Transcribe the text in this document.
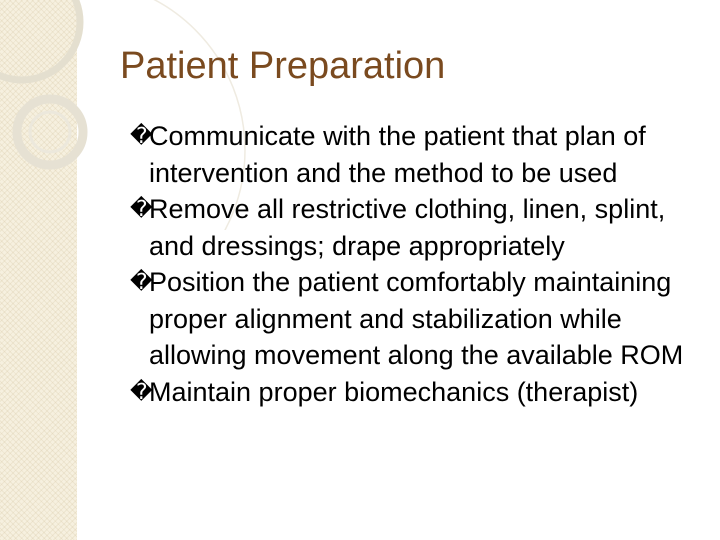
Patient Preparation
�
Communicate with the patient that plan of intervention and the method to be used
�
Remove all restrictive clothing, linen, splint, and dressings; drape appropriately
�
Position the patient comfortably maintaining proper alignment and stabilization while allowing movement along the available ROM
�
Maintain proper biomechanics (therapist)
